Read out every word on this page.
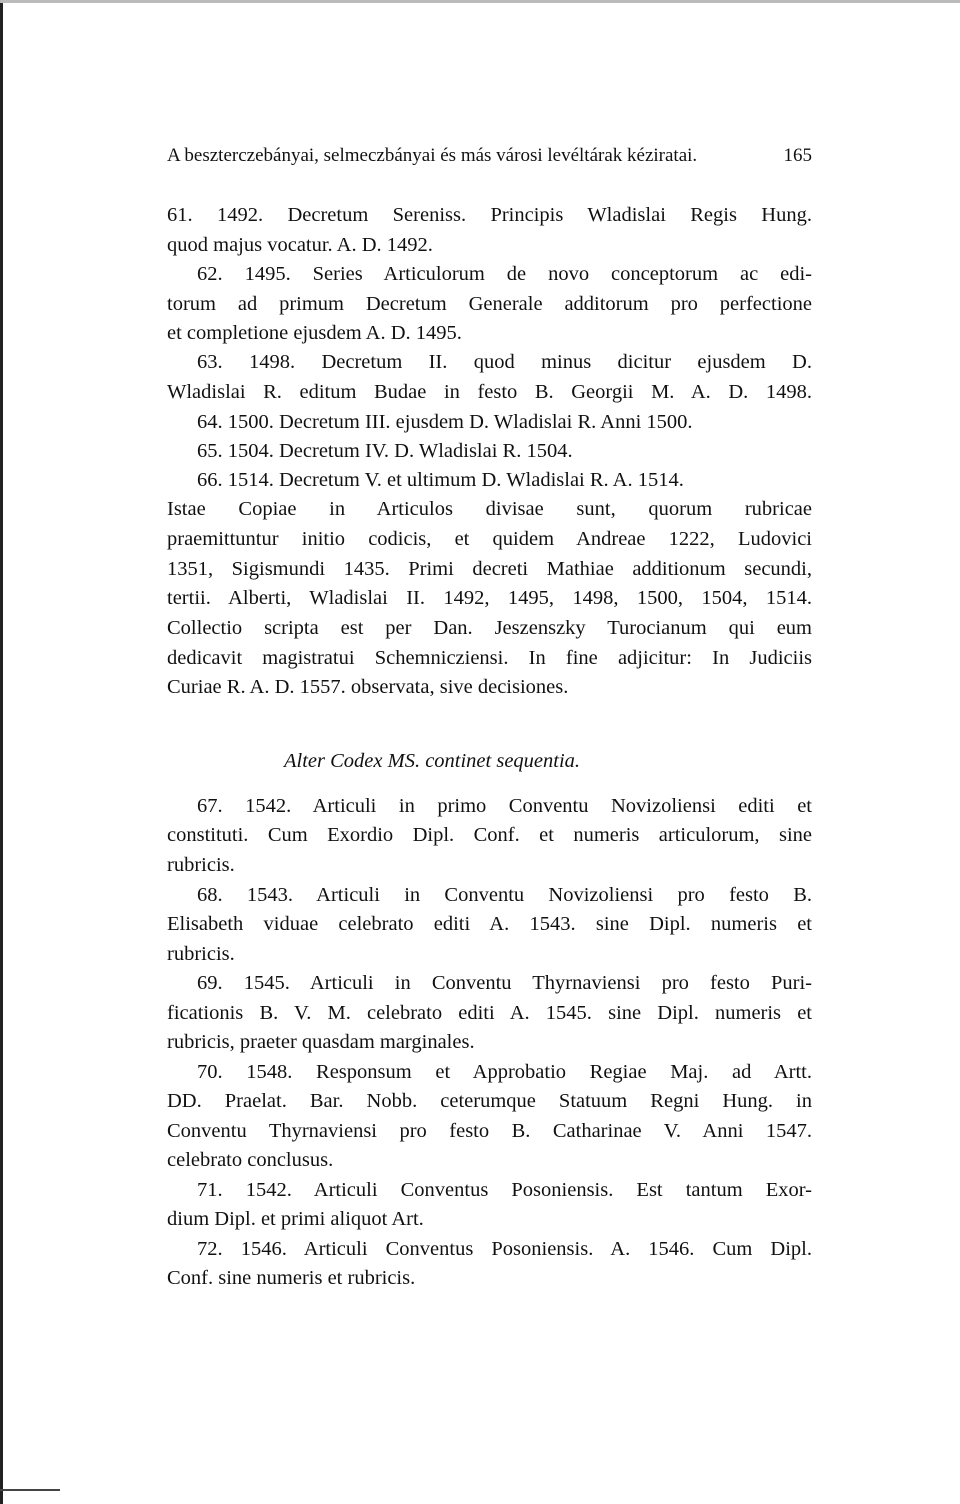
A beszterczebányai, selmeczbányai és más városi levéltárak kéziratai.	165
61. 1492. Decretum Sereniss. Principis Wladislai Regis Hung.
quod majus vocatur. A. D. 1492.
62. 1495. Series Articulorum de novo conceptorum ac edi-
torum ad primum Decretum Generale additorum pro perfectione
et completione ejusdem A. D. 1495.
63. 1498. Decretum II. quod minus dicitur ejusdem D.
Wladislai R. editum Budae in festo B. Georgii M. A. D. 1498.
64. 1500. Decretum III. ejusdem D. Wladislai R. Anni 1500.
65. 1504. Decretum IV. D. Wladislai R. 1504.
66. 1514. Decretum V. et ultimum D. Wladislai R. A. 1514.
Istae Copiae in Articulos divisae sunt, quorum rubricae
praemittuntur initio codicis, et quidem Andreae 1222, Ludovici
1351, Sigismundi 1435. Primi decreti Mathiae additionum secundi,
tertii. Alberti, Wladislai II. 1492, 1495, 1498, 1500, 1504, 1514.
Collectio scripta est per Dan. Jeszenszky Turocianum qui eum
dedicavit magistratui Schemnicziensi. In fine adjicitur: In Judiciis
Curiae R. A. D. 1557. observata, sive decisiones.
Alter Codex MS. continet sequentia.
67. 1542. Articuli in primo Conventu Novizoliensi editi et
constituti. Cum Exordio Dipl. Conf. et numeris articulorum, sine
rubricis.
68. 1543. Articuli in Conventu Novizoliensi pro festo B.
Elisabeth viduae celebrato editi A. 1543. sine Dipl. numeris et
rubricis.
69. 1545. Articuli in Conventu Thyrnaviensi pro festo Puri-
ficationis B. V. M. celebrato editi A. 1545. sine Dipl. numeris et
rubricis, praeter quasdam marginales.
70. 1548. Responsum et Approbatio Regiae Maj. ad Artt.
DD. Praelat. Bar. Nobb. ceterumque Statuum Regni Hung. in
Conventu Thyrnaviensi pro festo B. Catharinae V. Anni 1547.
celebrato conclusus.
71. 1542. Articuli Conventus Posoniensis. Est tantum Exor-
dium Dipl. et primi aliquot Art.
72. 1546. Articuli Conventus Posoniensis. A. 1546. Cum Dipl.
Conf. sine numeris et rubricis.
